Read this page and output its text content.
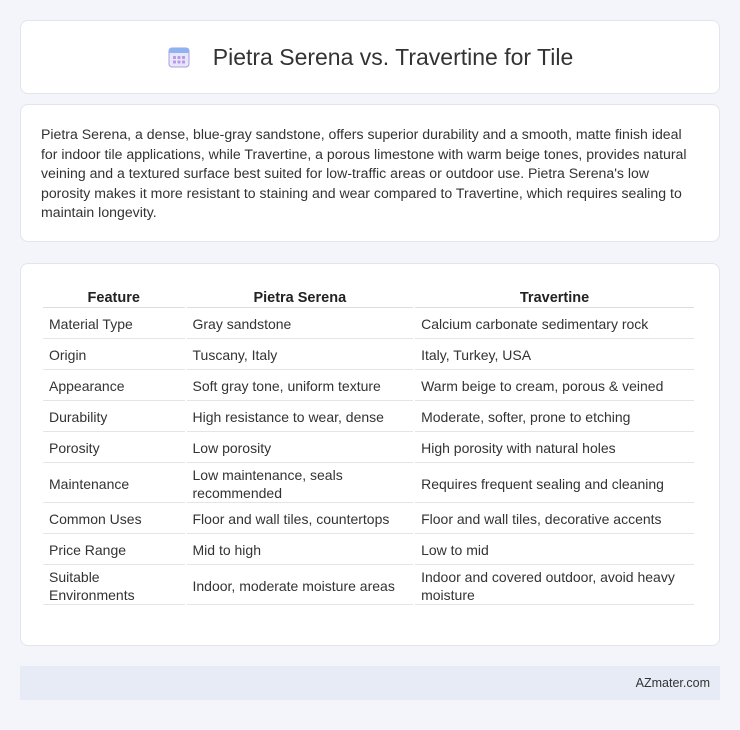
Pietra Serena vs. Travertine for Tile

Pietra Serena, a dense, blue-gray sandstone, offers superior durability and a smooth, matte finish ideal for indoor tile applications, while Travertine, a porous limestone with warm beige tones, provides natural veining and a textured surface best suited for low-traffic areas or outdoor use. Pietra Serena's low porosity makes it more resistant to staining and wear compared to Travertine, which requires sealing to maintain longevity.

Feature	Pietra Serena	Travertine
Material Type	Gray sandstone	Calcium carbonate sedimentary rock
Origin	Tuscany, Italy	Italy, Turkey, USA
Appearance	Soft gray tone, uniform texture	Warm beige to cream, porous & veined
Durability	High resistance to wear, dense	Moderate, softer, prone to etching
Porosity	Low porosity	High porosity with natural holes
Maintenance	Low maintenance, seals recommended	Requires frequent sealing and cleaning
Common Uses	Floor and wall tiles, countertops	Floor and wall tiles, decorative accents
Price Range	Mid to high	Low to mid
Suitable Environments	Indoor, moderate moisture areas	Indoor and covered outdoor, avoid heavy moisture
AZmater.com
